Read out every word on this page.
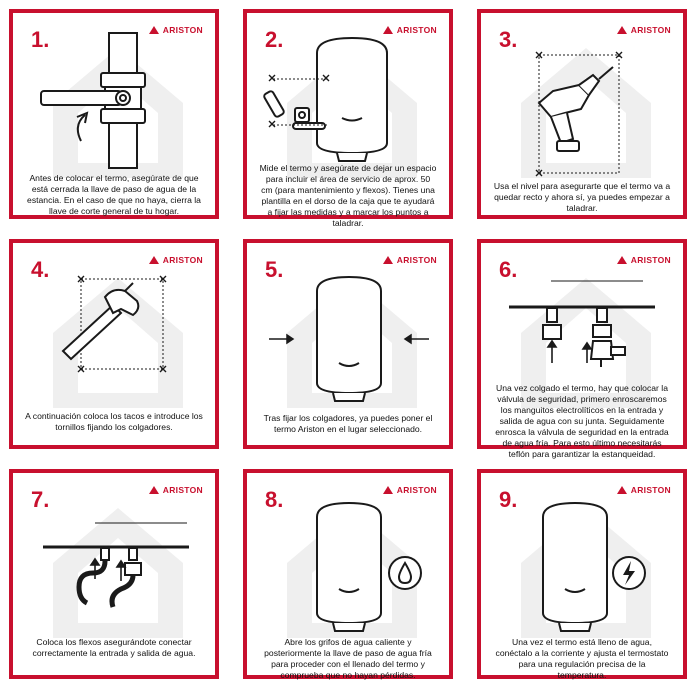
1.	ARISTON
Antes de colocar el termo, asegúrate de que está cerrada la llave de paso de agua de la estancia. En el caso de que no haya, cierra la llave de corte general de tu hogar.
2.	ARISTON
Mide el termo y asegúrate de dejar un espacio para incluir el área de servicio de aprox. 50 cm (para mantenimiento y flexos). Tienes una plantilla en el dorso de la caja que te ayudará a fijar las medidas y a marcar los puntos a taladrar.
3.	ARISTON
Usa el nivel para asegurarte que el termo va a quedar recto y ahora sí, ya puedes empezar a taladrar.
4.	ARISTON
A continuación coloca los tacos e introduce los tornillos fijando los colgadores.
5.	ARISTON
Tras fijar los colgadores, ya puedes poner el termo Ariston en el lugar seleccionado.
6.	ARISTON
Una vez colgado el termo, hay que colocar la válvula de seguridad, primero enroscaremos los manguitos electrolíticos en la entrada y salida de agua con su junta. Seguidamente enrosca la válvula de seguridad en la entrada de agua fría. Para esto último necesitarás teflón para garantizar la estanqueidad.
7.	ARISTON
Coloca los flexos asegurándote conectar correctamente la entrada y salida de agua.
8.	ARISTON
Abre los grifos de agua caliente y posteriormente la llave de paso de agua fría para proceder con el llenado del termo y comprueba que no hayan pérdidas.
9.	ARISTON
Una vez el termo está lleno de agua, conéctalo a la corriente y ajusta el termostato para una regulación precisa de la temperatura.
